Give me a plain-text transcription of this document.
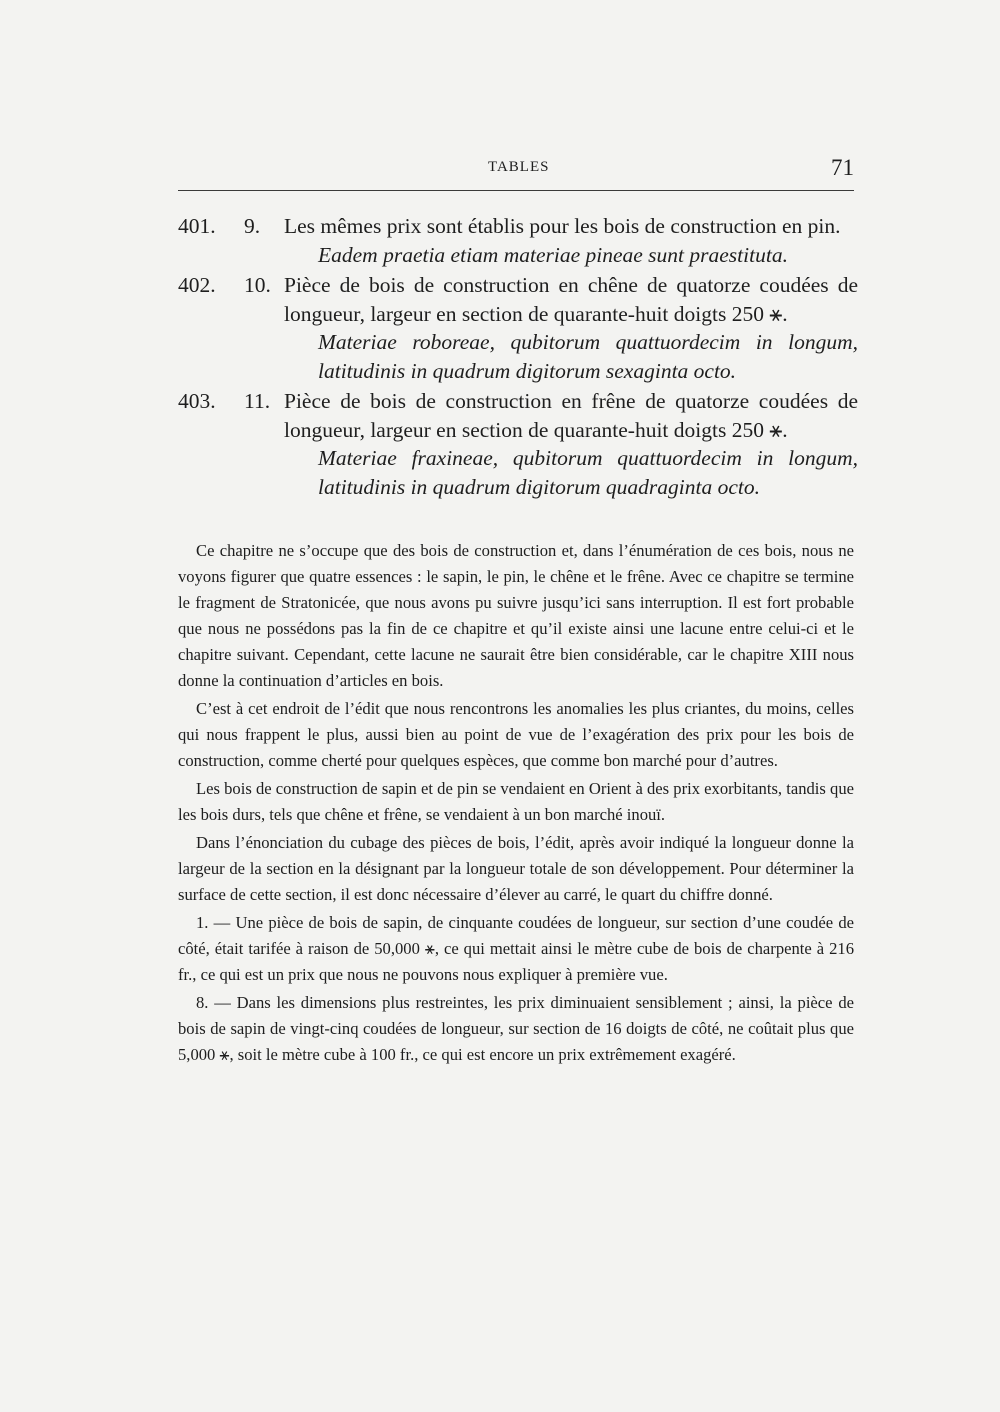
TABLES	71
401.	9.	Les mêmes prix sont établis pour les bois de construction en pin.
Eadem praetia etiam materiae pineae sunt praestituta.
402.	10. Pièce de bois de construction en chêne de quatorze coudées de longueur, largeur en section de quarante-huit doigts 250 ⚹.
Materiae roboreae, qubitorum quattuordecim in longum, latitudinis in quadrum digitorum sexaginta octo.
403.	11. Pièce de bois de construction en frêne de quatorze coudées de longueur, largeur en section de quarante-huit doigts 250 ⚹.
Materiae fraxineae, qubitorum quattuordecim in longum, latitudinis in quadrum digitorum quadraginta octo.

Ce chapitre ne s’occupe que des bois de construction et, dans l’énumération de ces bois, nous ne voyons figurer que quatre essences : le sapin, le pin, le chêne et le frêne. Avec ce chapitre se termine le fragment de Stratonicée, que nous avons pu suivre jusqu’ici sans interruption. Il est fort probable que nous ne possédons pas la fin de ce chapitre et qu’il existe ainsi une lacune entre celui-ci et le chapitre suivant. Cependant, cette lacune ne saurait être bien considérable, car le chapitre XIII nous donne la continuation d’articles en bois.

C’est à cet endroit de l’édit que nous rencontrons les anomalies les plus criantes, du moins, celles qui nous frappent le plus, aussi bien au point de vue de l’exagération des prix pour les bois de construction, comme cherté pour quelques espèces, que comme bon marché pour d’autres.

Les bois de construction de sapin et de pin se vendaient en Orient à des prix exorbitants, tandis que les bois durs, tels que chêne et frêne, se vendaient à un bon marché inouï.

Dans l’énonciation du cubage des pièces de bois, l’édit, après avoir indiqué la longueur donne la largeur de la section en la désignant par la longueur totale de son développement. Pour déterminer la surface de cette section, il est donc nécessaire d’élever au carré, le quart du chiffre donné.

1. — Une pièce de bois de sapin, de cinquante coudées de longueur, sur section d’une coudée de côté, était tarifée à raison de 50,000 ⚹, ce qui mettait ainsi le mètre cube de bois de charpente à 216 fr., ce qui est un prix que nous ne pouvons nous expliquer à première vue.

8. — Dans les dimensions plus restreintes, les prix diminuaient sensiblement ; ainsi, la pièce de bois de sapin de vingt-cinq coudées de longueur, sur section de 16 doigts de côté, ne coûtait plus que 5,000 ⚹, soit le mètre cube à 100 fr., ce qui est encore un prix extrêmement exagéré.
